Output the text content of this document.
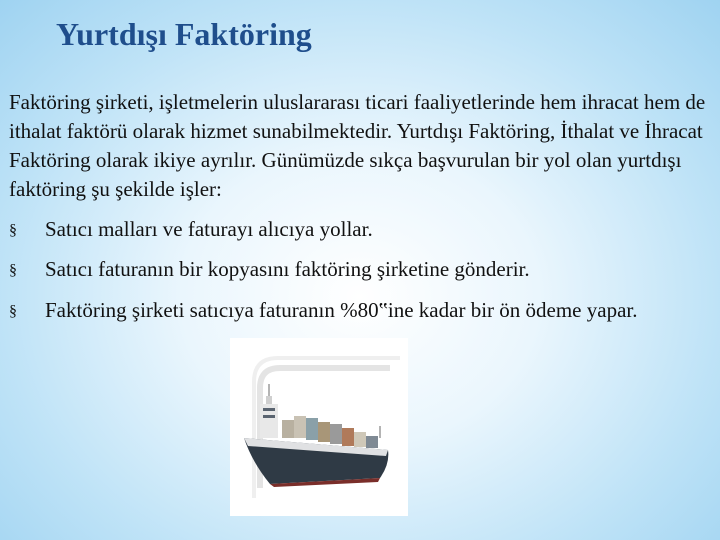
Yurtdışı Faktöring

Faktöring şirketi, işletmelerin uluslararası ticari faaliyetlerinde hem ihracat hem de ithalat faktörü olarak hizmet sunabilmektedir. Yurtdışı Faktöring, İthalat ve İhracat Faktöring olarak ikiye ayrılır. Günümüzde sıkça başvurulan bir yol olan yurtdışı faktöring şu şekilde işler:

§ Satıcı malları ve faturayı alıcıya yollar.
§ Satıcı faturanın bir kopyasını faktöring şirketine gönderir.
§ Faktöring şirketi satıcıya faturanın %80‟ine kadar bir ön ödeme yapar.
